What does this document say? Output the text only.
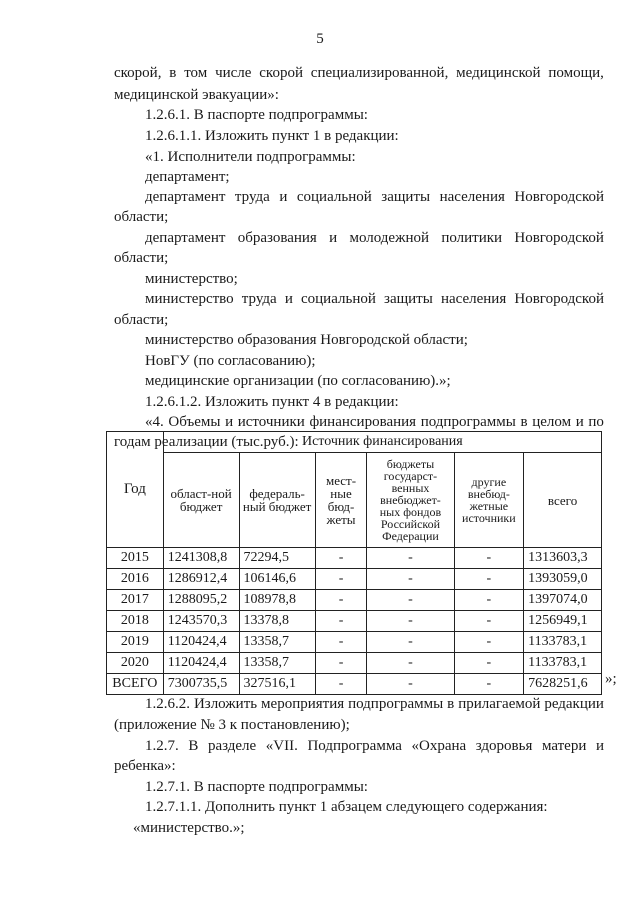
5
скорой, в том числе скорой специализированной, медицинской помощи,
медицинской эвакуации»:
1.2.6.1. В паспорте подпрограммы:
1.2.6.1.1. Изложить пункт 1 в редакции:
«1. Исполнители подпрограммы:
департамент;
департамент труда и социальной защиты населения Новгородской
области;
департамент образования и молодежной политики Новгородской
области;
министерство;
министерство труда и социальной защиты населения Новгородской
области;
министерство образования Новгородской области;
НовГУ (по согласованию);
медицинские организации (по согласованию).»;
1.2.6.1.2. Изложить пункт 4 в редакции:
«4. Объемы и источники финансирования подпрограммы в целом и по
годам реализации (тыс.руб.):
Год	Источник финансирования					
	област-ной бюджет	федераль-ный бюджет	мест-ные бюд-жеты	бюджеты государст-венных внебюджет-ных фондов Российской Федерации	другие внебюд-жетные источники	всего
2015	1241308,8	72294,5	-	-	-	1313603,3
2016	1286912,4	106146,6	-	-	-	1393059,0
2017	1288095,2	108978,8	-	-	-	1397074,0
2018	1243570,3	13378,8	-	-	-	1256949,1
2019	1120424,4	13358,7	-	-	-	1133783,1
2020	1120424,4	13358,7	-	-	-	1133783,1
ВСЕГО	7300735,5	327516,1	-	-	-	7628251,6 »;
1.2.6.2. Изложить мероприятия подпрограммы в прилагаемой редакции
(приложение № 3 к постановлению);
1.2.7. В разделе «VII. Подпрограмма «Охрана здоровья матери и
ребенка»:
1.2.7.1. В паспорте подпрограммы:
1.2.7.1.1. Дополнить пункт 1 абзацем следующего содержания:
«министерство.»;
